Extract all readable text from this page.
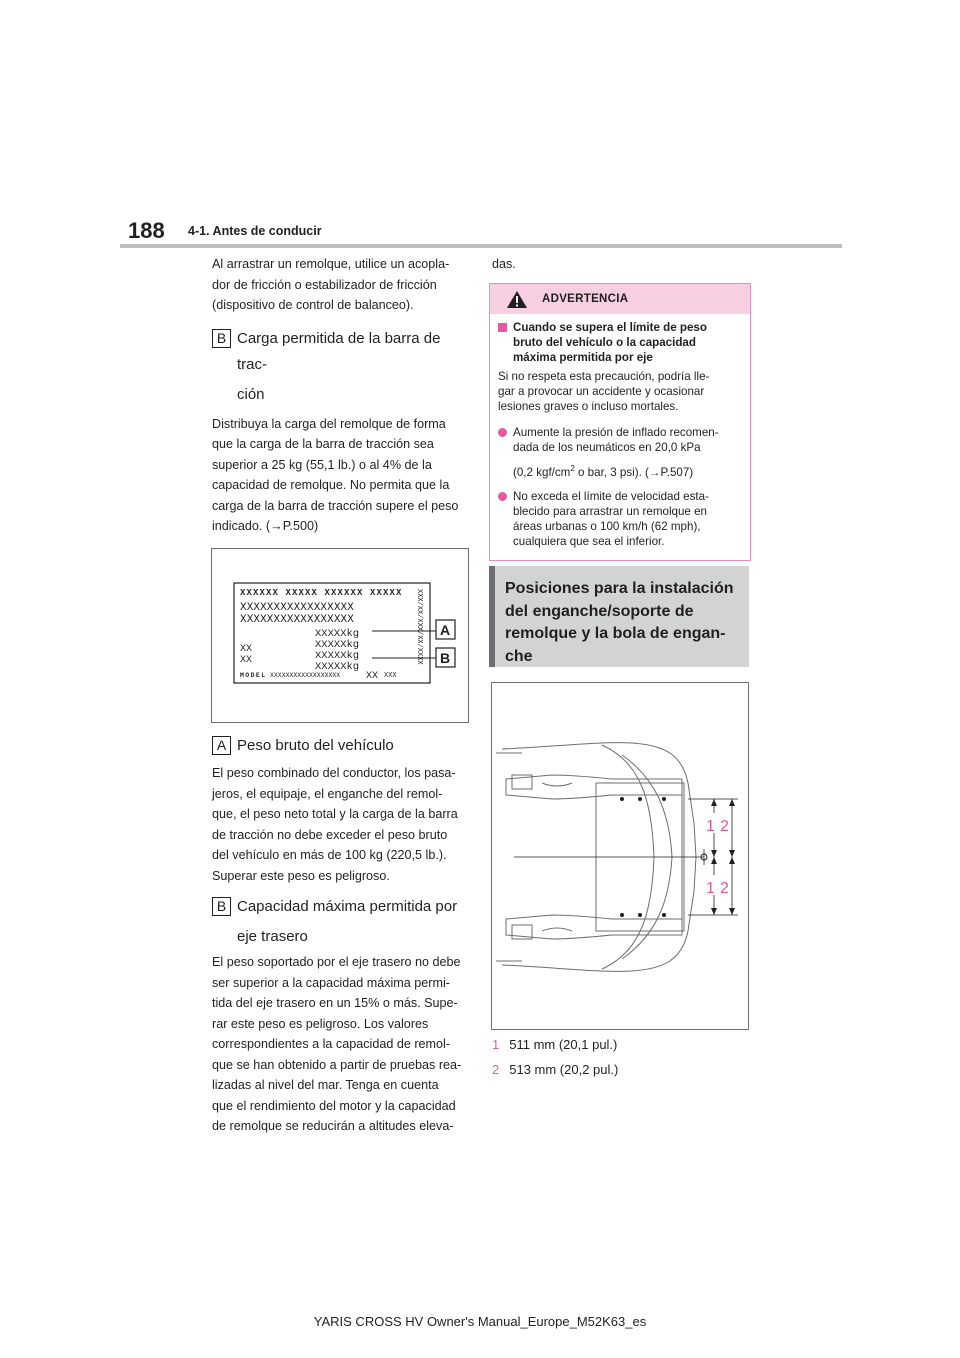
188 4-1. Antes de conducir

Al arrastrar un remolque, utilice un acopla-
dor de fricción o estabilizador de fricción
(dispositivo de control de balanceo).

B Carga permitida de la barra de trac-
ción

Distribuya la carga del remolque de forma
que la carga de la barra de tracción sea
superior a 25 kg (55,1 lb.) o al 4% de la
capacidad de remolque. No permita que la
carga de la barra de tracción supere el peso
indicado. (→P.500)

XXXXXX XXXXX XXXXXX XXXXX
XXXXXXXXXXXXXXXXX
XXXXXXXXXXXXXXXXX
XXXXXkg
XXXXXkg
XXXXXkg
XXXXXkg
XX
XX
MODEL XXXXXXXXXXXXXXXXXX	XX XXX
XXX/XX/XXX/XX/XXXX A
B
A Peso bruto del vehículo

El peso combinado del conductor, los pasa-
jeros, el equipaje, el enganche del remol-
que, el peso neto total y la carga de la barra
de tracción no debe exceder el peso bruto
del vehículo en más de 100 kg (220,5 lb.).
Superar este peso es peligroso.

B Capacidad máxima permitida por
eje trasero

El peso soportado por el eje trasero no debe
ser superior a la capacidad máxima permi-
tida del eje trasero en un 15% o más. Supe-
rar este peso es peligroso. Los valores
correspondientes a la capacidad de remol-
que se han obtenido a partir de pruebas rea-
lizadas al nivel del mar. Tenga en cuenta
que el rendimiento del motor y la capacidad
de remolque se reducirán a altitudes eleva-

das.
ADVERTENCIA
Cuando se supera el límite de peso
bruto del vehículo o la capacidad
máxima permitida por eje
Si no respeta esta precaución, podría lle-
gar a provocar un accidente y ocasionar
lesiones graves o incluso mortales.
Aumente la presión de inflado recomen-
dada de los neumáticos en 20,0 kPa
(0,2 kgf/$cm^2$ o bar, 3 psi). (→P.507)
No exceda el límite de velocidad esta-
blecido para arrastrar un remolque en
áreas urbanas o 100 km/h (62 mph),
cualquiera que sea el inferior.
Posiciones para la instalación
del enganche/soporte de
remolque y la bola de engan-
che
1 2
1 2
1 511 mm (20,1 pul.)
2 513 mm (20,2 pul.)
YARIS CROSS HV Owner's Manual_Europe_M52K63_es
